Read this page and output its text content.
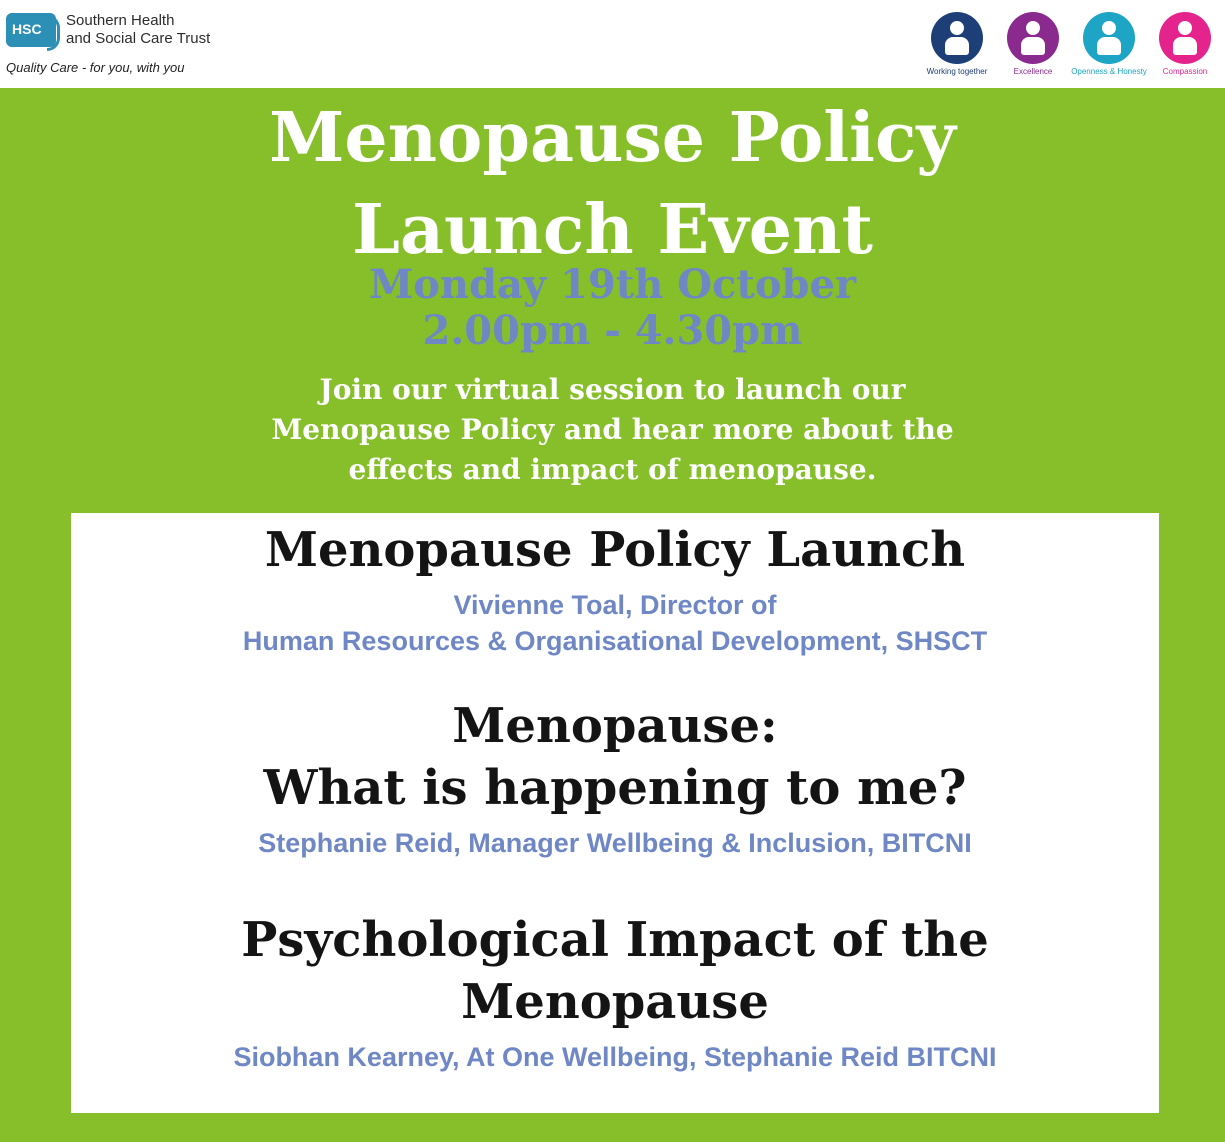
HSC Southern Health
and Social Care Trust
Quality Care - for you, with you	Working together	Excellence	Openness & Honesty	Compassion
Menopause Policy
Launch Event
Monday 19th October
2.00pm - 4.30pm
Join our virtual session to launch our
Menopause Policy and hear more about the
effects and impact of menopause.
Menopause Policy Launch
Vivienne Toal, Director of
Human Resources & Organisational Development, SHSCT
Menopause:
What is happening to me?
Stephanie Reid, Manager Wellbeing & Inclusion, BITCNI
Psychological Impact of the
Menopause
Siobhan Kearney, At One Wellbeing, Stephanie Reid BITCNI
